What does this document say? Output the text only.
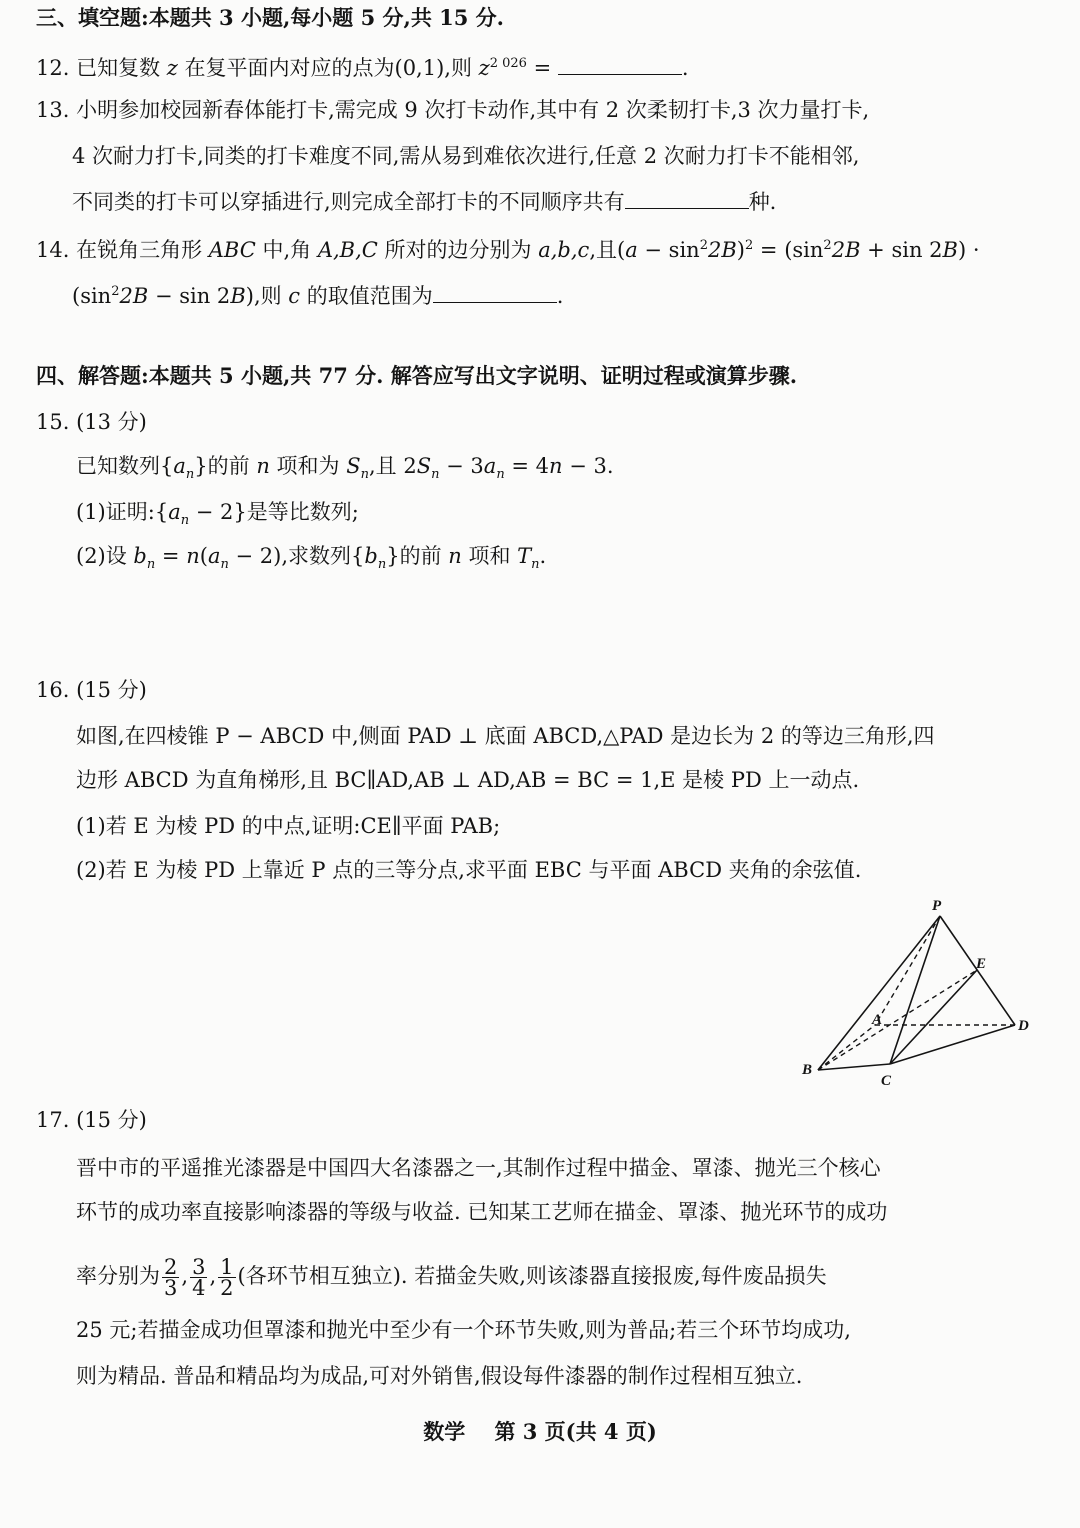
三、填空题:本题共 3 小题,每小题 5 分,共 15 分.
12. 已知复数 z 在复平面内对应的点为(0,1),则 $z^{2 026}$ =	.
13. 小明参加校园新春体能打卡,需完成 9 次打卡动作,其中有 2 次柔韧打卡,3 次力量打卡,
4 次耐力打卡,同类的打卡难度不同,需从易到难依次进行,任意 2 次耐力打卡不能相邻,
不同类的打卡可以穿插进行,则完成全部打卡的不同顺序共有	种.
14. 在锐角三角形 ABC 中,角 A,B,C 所对的边分别为 a,b,c,且$(a - \sin^22B)^2 = (\sin^22B + \sin 2B)$ ·
$(\sin^22B - \sin 2B)$,则 c 的取值范围为	.
四、解答题:本题共 5 小题,共 77 分. 解答应写出文字说明、证明过程或演算步骤.
15. (13 分)
已知数列$\{a_n\}$的前 n 项和为 $S_n$,且 $2S_n - 3a_n = 4n - 3$.
(1)证明$:\{a_n - 2\}$是等比数列;
(2)设 $b_n = n(a_n - 2)$,求数列$\{b_n\}$的前 n 项和 $T_n$.
16. (15 分)
如图,在四棱锥 P − ABCD 中,侧面 PAD ⊥ 底面 ABCD,△PAD 是边长为 2 的等边三角形,四
边形 ABCD 为直角梯形,且 BC∥AD,AB ⊥ AD,AB = BC = 1,E 是棱 PD 上一动点.
(1)若 E 为棱 PD 的中点,证明:CE∥平面 PAB;
(2)若 E 为棱 PD 上靠近 P 点的三等分点,求平面 EBC 与平面 ABCD 夹角的余弦值.
P
E
A	D
B
C
17. (15 分)
晋中市的平遥推光漆器是中国四大名漆器之一,其制作过程中描金、罩漆、抛光三个核心
环节的成功率直接影响漆器的等级与收益. 已知某工艺师在描金、罩漆、抛光环节的成功
率分别为 $\frac{2}{3}$ , $\frac{3}{4}$ , $\frac{1}{2}$ (各环节相互独立). 若描金失败,则该漆器直接报废,每件废品损失
25 元;若描金成功但罩漆和抛光中至少有一个环节失败,则为普品;若三个环节均成功,
则为精品. 普品和精品均为成品,可对外销售,假设每件漆器的制作过程相互独立.
数学    第 3 页(共 4 页)
